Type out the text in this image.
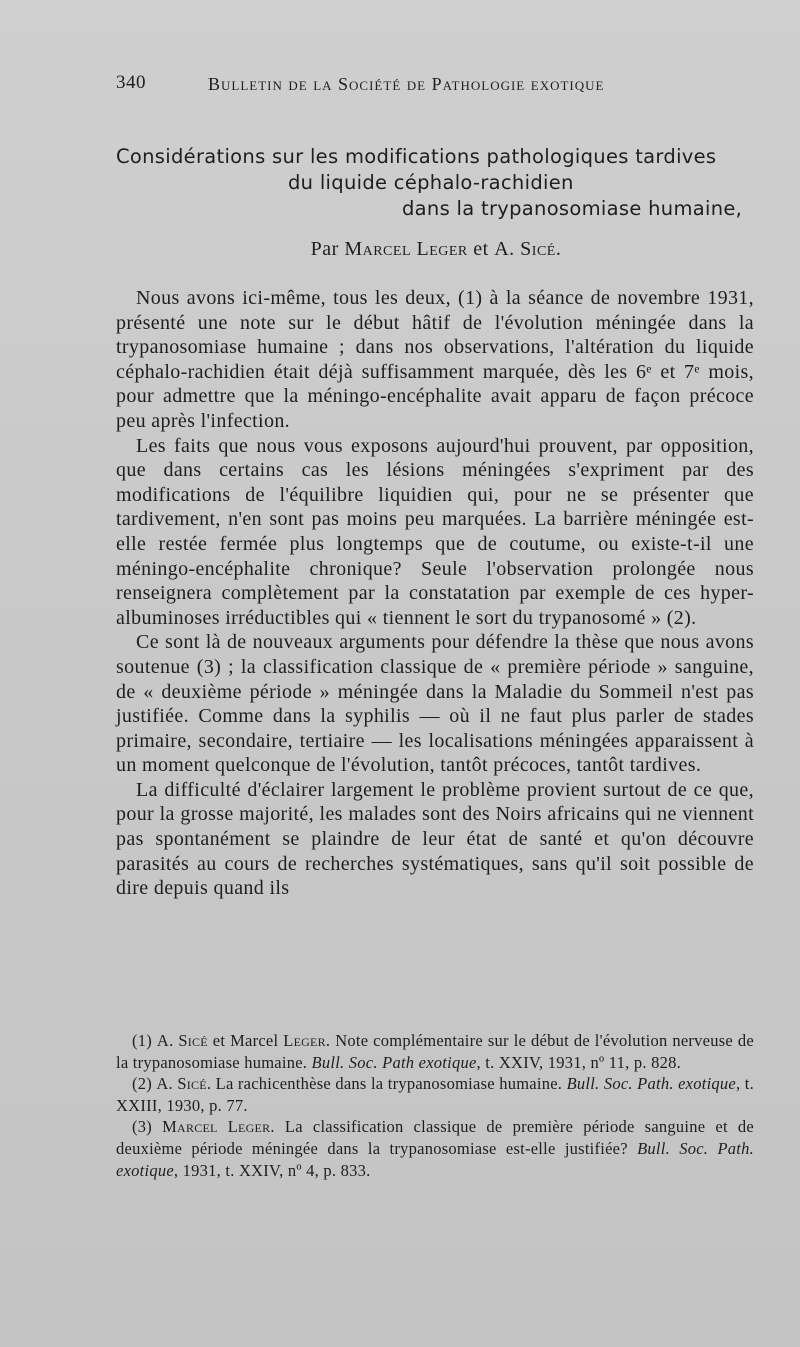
340	Bulletin de la Société de Pathologie exotique
Considérations sur les modifications pathologiques tardives
du liquide céphalo-rachidien
dans la trypanosomiase humaine,
Par Marcel Leger et A. Sicé.

Nous avons ici-même, tous les deux, (1) à la séance de novembre 1931, présenté une note sur le début hâtif de l'évolution méningée dans la trypanosomiase humaine ; dans nos observations, l'altération du liquide céphalo-rachidien était déjà suffisamment marquée, dès les 6ᵉ et 7ᵉ mois, pour admettre que la méningo-encéphalite avait apparu de façon précoce peu après l'infection.

Les faits que nous vous exposons aujourd'hui prouvent, par opposition, que dans certains cas les lésions méningées s'expriment par des modifications de l'équilibre liquidien qui, pour ne se présenter que tardivement, n'en sont pas moins peu marquées. La barrière méningée est-elle restée fermée plus longtemps que de coutume, ou existe-t-il une méningo-encéphalite chronique? Seule l'observation prolongée nous renseignera complètement par la constatation par exemple de ces hyper-albuminoses irréductibles qui « tiennent le sort du trypanosomé » (2).

Ce sont là de nouveaux arguments pour défendre la thèse que nous avons soutenue (3) ; la classification classique de « première période » sanguine, de « deuxième période » méningée dans la Maladie du Sommeil n'est pas justifiée. Comme dans la syphilis — où il ne faut plus parler de stades primaire, secondaire, tertiaire — les localisations méningées apparaissent à un moment quelconque de l'évolution, tantôt précoces, tantôt tardives.

La difficulté d'éclairer largement le problème provient surtout de ce que, pour la grosse majorité, les malades sont des Noirs africains qui ne viennent pas spontanément se plaindre de leur état de santé et qu'on découvre parasités au cours de recherches systématiques, sans qu'il soit possible de dire depuis quand ils

(1) A. Sicé et Marcel Leger. Note complémentaire sur le début de l'évolution nerveuse de la trypanosomiase humaine. Bull. Soc. Path exotique, t. XXIV, 1931, nº 11, p. 828.

(2) A. Sicé. La rachicenthèse dans la trypanosomiase humaine. Bull. Soc. Path. exotique, t. XXIII, 1930, p. 77.

(3) Marcel Leger. La classification classique de première période sanguine et de deuxième période méningée dans la trypanosomiase est-elle justifiée? Bull. Soc. Path. exotique, 1931, t. XXIV, nº 4, p. 833.
